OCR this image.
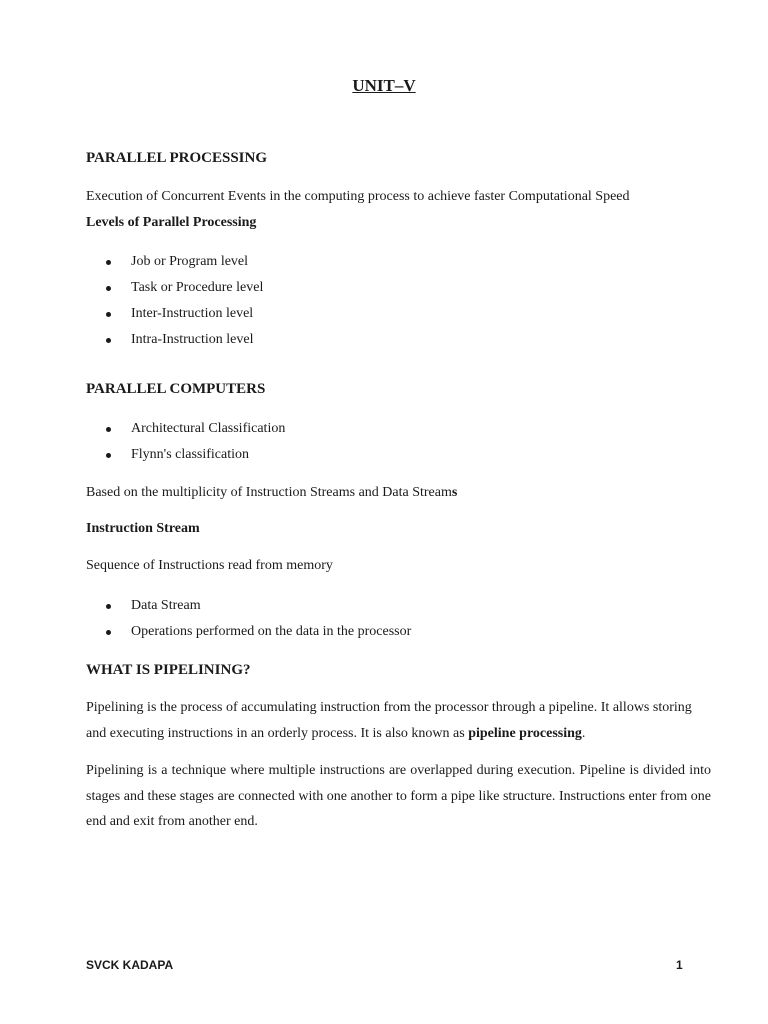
UNIT–V
PARALLEL PROCESSING
Execution of Concurrent Events in the computing process to achieve faster Computational Speed
Levels of Parallel Processing
Job or Program level
Task or Procedure level
Inter-Instruction level
Intra-Instruction level
PARALLEL COMPUTERS
Architectural Classification
Flynn's classification
Based on the multiplicity of Instruction Streams and Data Streams
Instruction Stream
Sequence of Instructions read from memory
Data Stream
Operations performed on the data in the processor
WHAT IS PIPELINING?
Pipelining is the process of accumulating instruction from the processor through a pipeline. It allows storing and executing instructions in an orderly process. It is also known as pipeline processing.
Pipelining is a technique where multiple instructions are overlapped during execution. Pipeline is divided into stages and these stages are connected with one another to form a pipe like structure. Instructions enter from one end and exit from another end.
SVCK KADAPA	1
